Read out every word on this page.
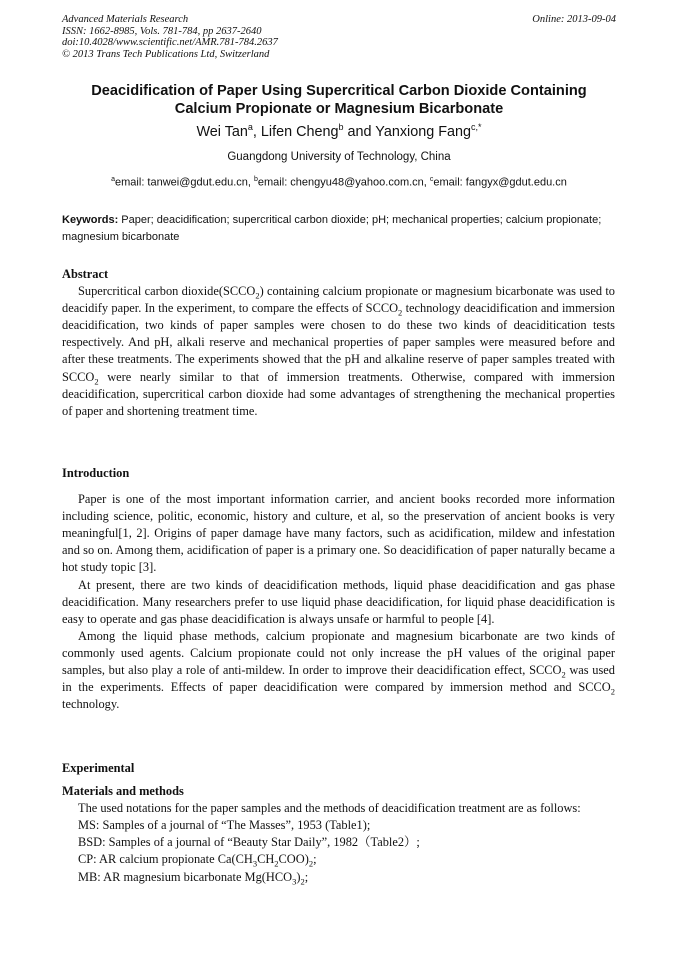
Advanced Materials Research
ISSN: 1662-8985, Vols. 781-784, pp 2637-2640
doi:10.4028/www.scientific.net/AMR.781-784.2637
© 2013 Trans Tech Publications Ltd, Switzerland
Online: 2013-09-04
Deacidification of Paper Using Supercritical Carbon Dioxide Containing
Calcium Propionate or Magnesium Bicarbonate
Wei Tan$^a$, Lifen Cheng$^b$ and Yanxiong Fang$^{c,*}$
Guangdong University of Technology, China
$^a$email: tanwei@gdut.edu.cn, $^b$email: chengyu48@yahoo.com.cn, $^c$email: fangyx@gdut.edu.cn
Keywords: Paper; deacidification; supercritical carbon dioxide; pH; mechanical properties; calcium propionate; magnesium bicarbonate
Abstract

Supercritical carbon $dioxide(SCCO_2)$ containing calcium propionate or magnesium bicarbonate was used to deacidify paper. In the experiment, to compare the effects of $SCCO_2$ technology deacidification and immersion deacidification, two kinds of paper samples were chosen to do these two kinds of deaciditication tests respectively. And pH, alkali reserve and mechanical properties of paper samples were measured before and after these treatments. The experiments showed that the pH and alkaline reserve of paper samples treated with $SCCO_2$ were nearly similar to that of immersion treatments. Otherwise, compared with immersion deacidification, supercritical carbon dioxide had some advantages of strengthening the mechanical properties of paper and shortening treatment time.

Introduction

Paper is one of the most important information carrier, and ancient books recorded more information including science, politic, economic, history and culture, et al, so the preservation of ancient books is very meaningful[1, 2]. Origins of paper damage have many factors, such as acidification, mildew and infestation and so on. Among them, acidification of paper is a primary one. So deacidification of paper naturally became a hot study topic [3].

At present, there are two kinds of deacidification methods, liquid phase deacidification and gas phase deacidification. Many researchers prefer to use liquid phase deacidification, for liquid phase deacidification is easy to operate and gas phase deacidification is always unsafe or harmful to people [4].

Among the liquid phase methods, calcium propionate and magnesium bicarbonate are two kinds of commonly used agents. Calcium propionate could not only increase the pH values of the original paper samples, but also play a role of anti-mildew. In order to improve their deacidification effect, $SCCO_2$ was used in the experiments. Effects of paper deacidification were compared by immersion method and $SCCO_2$ technology.

Experimental
Materials and methods

The used notations for the paper samples and the methods of deacidification treatment are as follows:

MS: Samples of a journal of “The Masses”, 1953 (Table1);

BSD: Samples of a journal of “Beauty Star Daily”, 1982（Table2）;

CP: AR calcium propionate $Ca(CH_3CH_2COO)_2$;

MB: AR magnesium bicarbonate $Mg(HCO_3)_2$;
